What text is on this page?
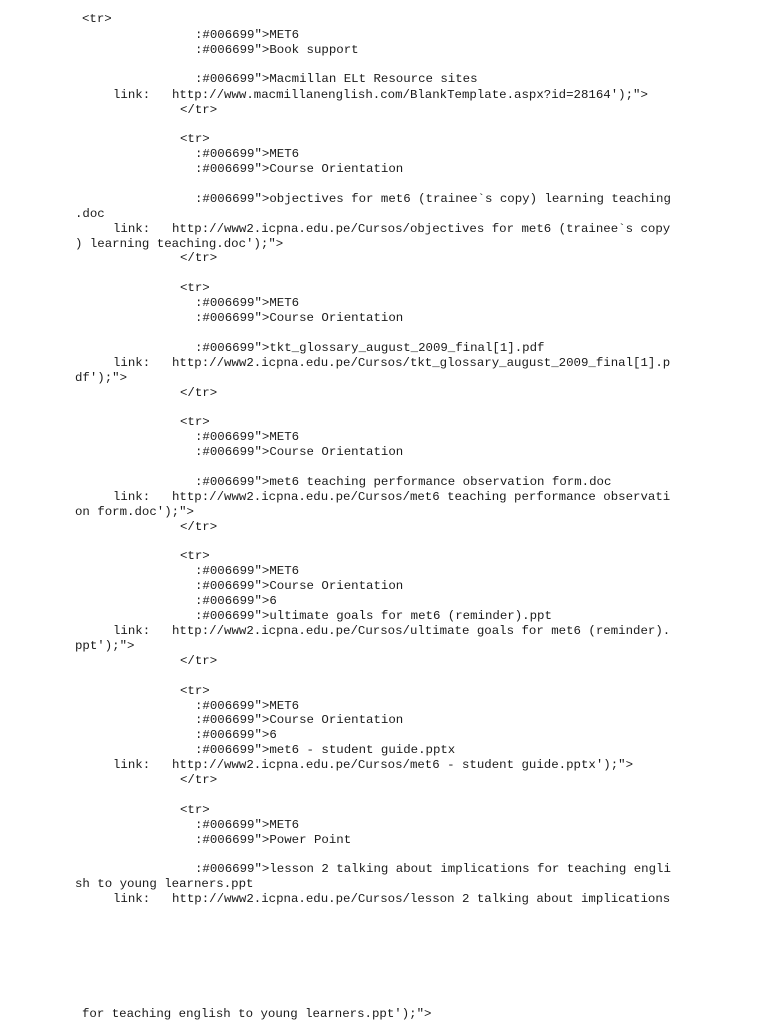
<tr>
:#006699">MET6
:#006699">Book support
:#006699">Macmillan ELt Resource sites
link: http://www.macmillanenglish.com/BlankTemplate.aspx?id=28164');">
</tr>
<tr>
:#006699">MET6
:#006699">Course Orientation
:#006699">objectives for met6 (trainee`s copy) learning teaching
.doc
link: http://www2.icpna.edu.pe/Cursos/objectives for met6 (trainee`s copy
) learning teaching.doc');">
</tr>
<tr>
:#006699">MET6
:#006699">Course Orientation
:#006699">tkt_glossary_august_2009_final[1].pdf
link: http://www2.icpna.edu.pe/Cursos/tkt_glossary_august_2009_final[1].p
df');">
</tr>
<tr>
:#006699">MET6
:#006699">Course Orientation
:#006699">met6 teaching performance observation form.doc
link: http://www2.icpna.edu.pe/Cursos/met6 teaching performance observati
on form.doc');">
</tr>
<tr>
:#006699">MET6
:#006699">Course Orientation
:#006699">6
:#006699">ultimate goals for met6 (reminder).ppt
link: http://www2.icpna.edu.pe/Cursos/ultimate goals for met6 (reminder).
ppt');">
</tr>
<tr>
:#006699">MET6
:#006699">Course Orientation
:#006699">6
:#006699">met6 - student guide.pptx
link: http://www2.icpna.edu.pe/Cursos/met6 - student guide.pptx');">
</tr>
<tr>
:#006699">MET6
:#006699">Power Point
:#006699">lesson 2 talking about implications for teaching engli
sh to young learners.ppt
link: http://www2.icpna.edu.pe/Cursos/lesson 2 talking about implications
for teaching english to young learners.ppt');">
